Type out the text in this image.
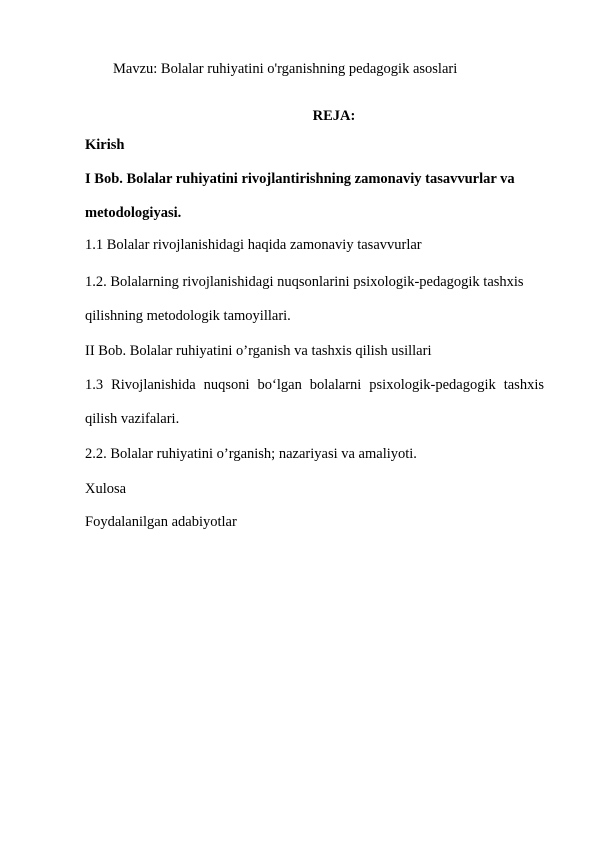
Mavzu: Bolalar ruhiyatini o'rganishning pedagogik asoslari
REJA:
Kirish
I Bob. Bolalar ruhiyatini rivojlantirishning zamonaviy tasavvurlar va
metodologiyasi.
1.1 Bolalar rivojlanishidagi haqida zamonaviy tasavvurlar
1.2. Bolalarning rivojlanishidagi nuqsonlarini psixologik-pedagogik tashxis
qilishning metodologik tamoyillari.
II Bob. Bolalar ruhiyatini o’rganish va tashxis qilish usillari
1.3 Rivojlanishida nuqsoni bo‘lgan bolalarni psixologik-pedagogik tashxis
qilish vazifalari.
2.2. Bolalar ruhiyatini o’rganish; nazariyasi va amaliyoti.
Xulosa
Foydalanilgan adabiyotlar
